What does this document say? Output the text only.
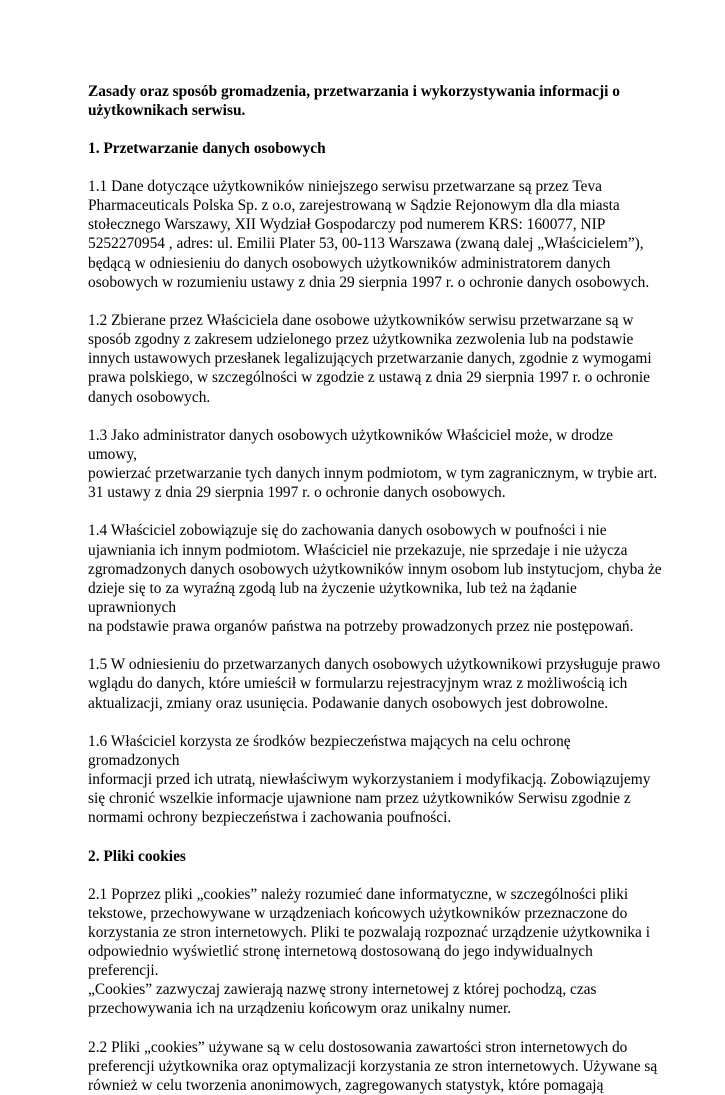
Zasady oraz sposób gromadzenia, przetwarzania i wykorzystywania informacji o
użytkownikach serwisu.
1. Przetwarzanie danych osobowych
1.1 Dane dotyczące użytkowników niniejszego serwisu przetwarzane są przez Teva
Pharmaceuticals Polska Sp. z o.o, zarejestrowaną w Sądzie Rejonowym dla dla miasta
stołecznego Warszawy, XII Wydział Gospodarczy pod numerem KRS: 160077, NIP
5252270954 , adres: ul. Emilii Plater 53, 00-113 Warszawa (zwaną dalej „Właścicielem”),
będącą w odniesieniu do danych osobowych użytkowników administratorem danych
osobowych w rozumieniu ustawy z dnia 29 sierpnia 1997 r. o ochronie danych osobowych.
1.2 Zbierane przez Właściciela dane osobowe użytkowników serwisu przetwarzane są w
sposób zgodny z zakresem udzielonego przez użytkownika zezwolenia lub na podstawie
innych ustawowych przesłanek legalizujących przetwarzanie danych, zgodnie z wymogami
prawa polskiego, w szczególności w zgodzie z ustawą z dnia 29 sierpnia 1997 r. o ochronie
danych osobowych.
1.3 Jako administrator danych osobowych użytkowników Właściciel może, w drodze umowy,
powierzać przetwarzanie tych danych innym podmiotom, w tym zagranicznym, w trybie art.
31 ustawy z dnia 29 sierpnia 1997 r. o ochronie danych osobowych.
1.4 Właściciel zobowiązuje się do zachowania danych osobowych w poufności i nie
ujawniania ich innym podmiotom. Właściciel nie przekazuje, nie sprzedaje i nie użycza
zgromadzonych danych osobowych użytkowników innym osobom lub instytucjom, chyba że
dzieje się to za wyraźną zgodą lub na życzenie użytkownika, lub też na żądanie uprawnionych
na podstawie prawa organów państwa na potrzeby prowadzonych przez nie postępowań.
1.5 W odniesieniu do przetwarzanych danych osobowych użytkownikowi przysługuje prawo
wglądu do danych, które umieścił w formularzu rejestracyjnym wraz z możliwością ich
aktualizacji, zmiany oraz usunięcia. Podawanie danych osobowych jest dobrowolne.
1.6 Właściciel korzysta ze środków bezpieczeństwa mających na celu ochronę gromadzonych
informacji przed ich utratą, niewłaściwym wykorzystaniem i modyfikacją. Zobowiązujemy
się chronić wszelkie informacje ujawnione nam przez użytkowników Serwisu zgodnie z
normami ochrony bezpieczeństwa i zachowania poufności.
2. Pliki cookies
2.1 Poprzez pliki „cookies” należy rozumieć dane informatyczne, w szczególności pliki
tekstowe, przechowywane w urządzeniach końcowych użytkowników przeznaczone do
korzystania ze stron internetowych. Pliki te pozwalają rozpoznać urządzenie użytkownika i
odpowiednio wyświetlić stronę internetową dostosowaną do jego indywidualnych preferencji.
„Cookies” zazwyczaj zawierają nazwę strony internetowej z której pochodzą, czas
przechowywania ich na urządzeniu końcowym oraz unikalny numer.
2.2 Pliki „cookies” używane są w celu dostosowania zawartości stron internetowych do
preferencji użytkownika oraz optymalizacji korzystania ze stron internetowych. Używane są
również w celu tworzenia anonimowych, zagregowanych statystyk, które pomagają
